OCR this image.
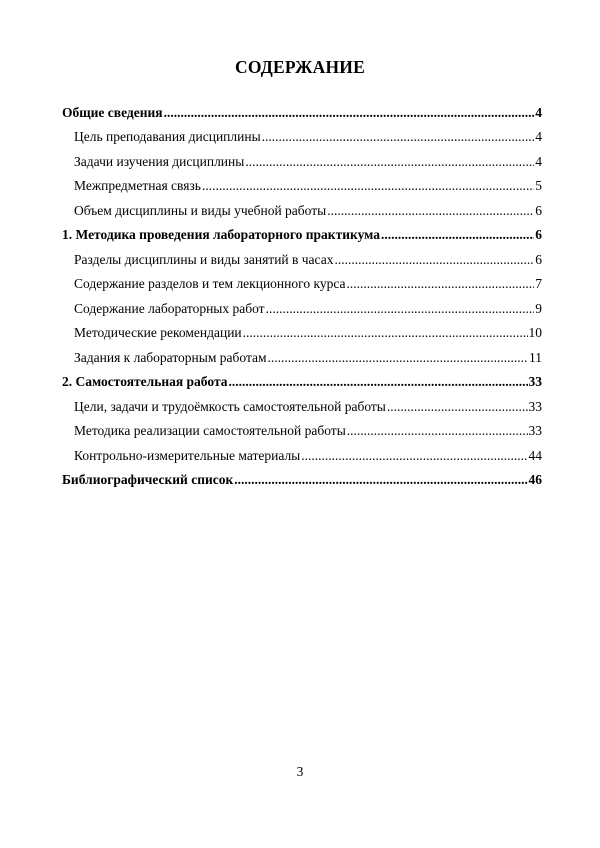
СОДЕРЖАНИЕ
Общие сведения .....	4
Цель преподавания дисциплины .....	4
Задачи изучения дисциплины .....	4
Межпредметная связь .....	5
Объем дисциплины и виды учебной работы .....	6
1. Методика проведения лабораторного практикума .....	6
Разделы дисциплины и виды занятий в часах .....	6
Содержание разделов и тем лекционного курса .....	7
Содержание лабораторных работ .....	9
Методические рекомендации .....	10
Задания к лабораторным работам .....	11
2. Самостоятельная работа .....	33
Цели, задачи и трудоёмкость самостоятельной работы .....	33
Методика реализации самостоятельной работы .....	33
Контрольно-измерительные материалы .....	44
Библиографический список .....	46
3
